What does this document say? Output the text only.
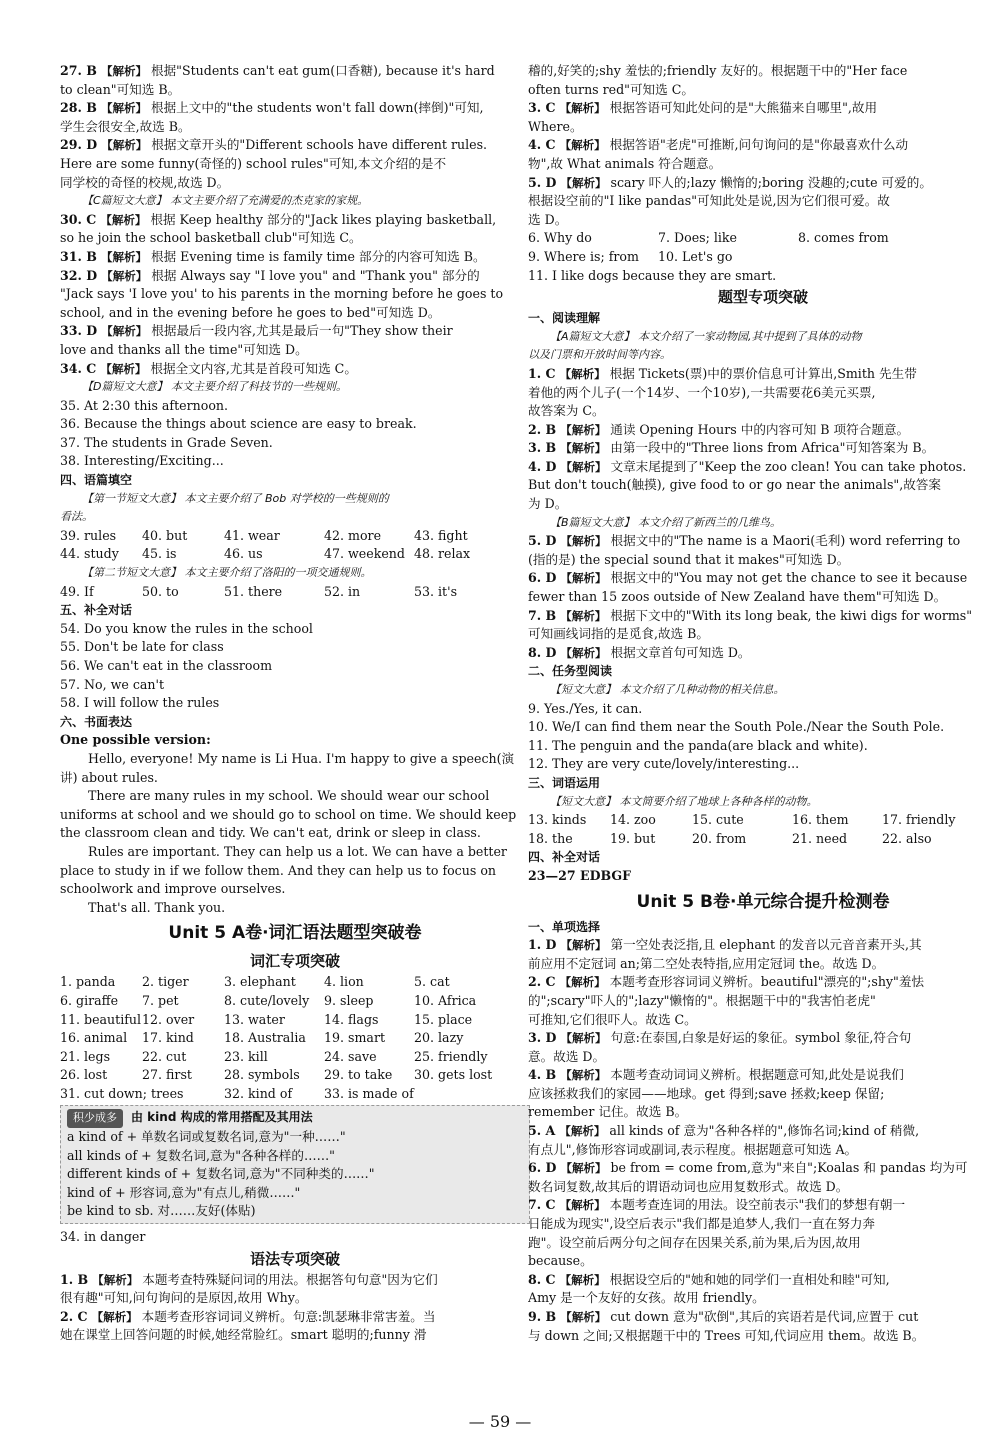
27. B 【解析】 根据"Students can't eat gum(口香糖), because it's hard
to clean"可知选 B。
28. B 【解析】 根据上文中的"the students won't fall down(摔倒)"可知,
学生会很安全,故选 B。
29. D 【解析】 根据文章开头的"Different schools have different rules.
Here are some funny(奇怪的) school rules"可知,本文介绍的是不
同学校的奇怪的校规,故选 D。
【C篇短文大意】 本文主要介绍了充满爱的杰克家的家规。
30. C 【解析】 根据 Keep healthy 部分的"Jack likes playing basketball,
so he join the school basketball club"可知选 C。
31. B 【解析】 根据 Evening time is family time 部分的内容可知选 B。
32. D 【解析】 根据 Always say "I love you" and "Thank you" 部分的
"Jack says 'I love you' to his parents in the morning before he goes to
school, and in the evening before he goes to bed"可知选 D。
33. D 【解析】 根据最后一段内容,尤其是最后一句"They show their
love and thanks all the time"可知选 D。
34. C 【解析】 根据全文内容,尤其是首段可知选 C。
【D篇短文大意】 本文主要介绍了科技节的一些规则。
35. At 2:30 this afternoon.
36. Because the things about science are easy to break.
37. The students in Grade Seven.
38. Interesting/Exciting...
四、语篇填空
【第一节短文大意】 本文主要介绍了 Bob 对学校的一些规则的
看法。
39. rules	40. but	41. wear	42. more	43. fight
44. study	45. is	46. us	47. weekend 48. relax
【第二节短文大意】 本文主要介绍了洛阳的一项交通规则。
49. If	50. to	51. there	52. in	53. it's
五、补全对话
54. Do you know the rules in the school
55. Don't be late for class
56. We can't eat in the classroom
57. No, we can't
58. I will follow the rules
六、书面表达
One possible version:
Hello, everyone! My name is Li Hua. I'm happy to give a speech(演讲) about rules.
There are many rules in my school. We should wear our school uniforms at school and we should go to school on time. We should keep the classroom clean and tidy. We can't eat, drink or sleep in class.
Rules are important. They can help us a lot. We can have a better place to study in if we follow them. And they can help us to focus on schoolwork and improve ourselves.
That's all. Thank you.
Unit 5 A卷·词汇语法题型突破卷
词汇专项突破
1. panda	2. tiger	3. elephant	4. lion	5. cat
6. giraffe	7. pet	8. cute/lovely	9. sleep	10. Africa
11. beautiful 12. over	13. water	14. flags	15. place
16. animal	17. kind	18. Australia	19. smart	20. lazy
21. legs	22. cut	23. kill	24. save	25. friendly
26. lost	27. first	28. symbols	29. to take	30. gets lost
31. cut down; trees	32. kind of	33. is made of
积少成多 由 kind 构成的常用搭配及其用法
a kind of + 单数名词或复数名词,意为"一种……"
all kinds of + 复数名词,意为"各种各样的……"
different kinds of + 复数名词,意为"不同种类的……"
kind of + 形容词,意为"有点儿,稍微……"
be kind to sb. 对……友好(体贴)
34. in danger
语法专项突破
1. B 【解析】 本题考查特殊疑问词的用法。根据答句句意"因为它们
很有趣"可知,问句询问的是原因,故用 Why。
2. C 【解析】 本题考查形容词词义辨析。句意:凯瑟琳非常害羞。当
她在课堂上回答问题的时候,她经常脸红。smart 聪明的;funny 滑
稽的,好笑的;shy 羞怯的;friendly 友好的。根据题干中的"Her face
often turns red"可知选 C。
3. C 【解析】 根据答语可知此处问的是"大熊猫来自哪里",故用
Where。
4. C 【解析】 根据答语"老虎"可推断,问句询问的是"你最喜欢什么动
物",故 What animals 符合题意。
5. D 【解析】 scary 吓人的;lazy 懒惰的;boring 没趣的;cute 可爱的。
根据设空前的"I like pandas"可知此处是说,因为它们很可爱。故
选 D。
6. Why do	7. Does; like	8. comes from
9. Where is; from	10. Let's go
11. I like dogs because they are smart.
题型专项突破
一、阅读理解
【A篇短文大意】 本文介绍了一家动物园,其中提到了具体的动物
以及门票和开放时间等内容。
1. C 【解析】 根据 Tickets(票)中的票价信息可计算出,Smith 先生带
着他的两个儿子(一个14岁、一个10岁),一共需要花6美元买票,
故答案为 C。
2. B 【解析】 通读 Opening Hours 中的内容可知 B 项符合题意。
3. B 【解析】 由第一段中的"Three lions from Africa"可知答案为 B。
4. D 【解析】 文章末尾提到了"Keep the zoo clean! You can take photos.
But don't touch(触摸), give food to or go near the animals",故答案
为 D。
【B篇短文大意】 本文介绍了新西兰的几维鸟。
5. D 【解析】 根据文中的"The name is a Maori(毛利) word referring to
(指的是) the special sound that it makes"可知选 D。
6. D 【解析】 根据文中的"You may not get the chance to see it because
fewer than 15 zoos outside of New Zealand have them"可知选 D。
7. B 【解析】 根据下文中的"With its long beak, the kiwi digs for worms"
可知画线词指的是觅食,故选 B。
8. D 【解析】 根据文章首句可知选 D。
二、任务型阅读
【短文大意】 本文介绍了几种动物的相关信息。
9. Yes./Yes, it can.
10. We/I can find them near the South Pole./Near the South Pole.
11. The penguin and the panda(are black and white).
12. They are very cute/lovely/interesting...
三、词语运用
【短文大意】 本文简要介绍了地球上各种各样的动物。
13. kinds	14. zoo	15. cute	16. them	17. friendly
18. the	19. but	20. from	21. need	22. also
四、补全对话
23—27 EDBGF
Unit 5 B卷·单元综合提升检测卷
一、单项选择
1. D 【解析】 第一空处表泛指,且 elephant 的发音以元音音素开头,其
前应用不定冠词 an;第二空处表特指,应用定冠词 the。故选 D。
2. C 【解析】 本题考查形容词词义辨析。beautiful"漂亮的";shy"羞怯
的";scary"吓人的";lazy"懒惰的"。根据题干中的"我害怕老虎"
可推知,它们很吓人。故选 C。
3. D 【解析】 句意:在泰国,白象是好运的象征。symbol 象征,符合句
意。故选 D。
4. B 【解析】 本题考查动词词义辨析。根据题意可知,此处是说我们
应该拯救我们的家园——地球。get 得到;save 拯救;keep 保留;
remember 记住。故选 B。
5. A 【解析】 all kinds of 意为"各种各样的",修饰名词;kind of 稍微,
有点儿",修饰形容词或副词,表示程度。根据题意可知选 A。
6. D 【解析】 be from = come from,意为"来自";Koalas 和 pandas 均为可
数名词复数,故其后的谓语动词也应用复数形式。故选 D。
7. C 【解析】 本题考查连词的用法。设空前表示"我们的梦想有朝一
日能成为现实",设空后表示"我们都是追梦人,我们一直在努力奔
跑"。设空前后两分句之间存在因果关系,前为果,后为因,故用
because。
8. C 【解析】 根据设空后的"她和她的同学们一直相处和睦"可知,
Amy 是一个友好的女孩。故用 friendly。
9. B 【解析】 cut down 意为"砍倒",其后的宾语若是代词,应置于 cut
与 down 之间;又根据题干中的 Trees 可知,代词应用 them。故选 B。
— 59 —
